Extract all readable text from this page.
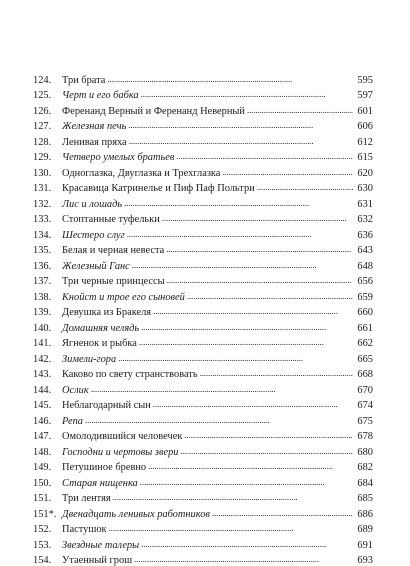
124. Три брата . . .	595
125. Черт и его бабка . . .	597
126. Ференанд Верный и Ференанд Неверный . . .	601
127. Железная печь . . .	606
128. Ленивая пряха . . .	612
129. Четверо умелых братьев . . .	615
130. Одноглазка, Двуглазка и Трехглазка . . .	620
131. Красавица Катринелье и Пиф Паф Польтри . . .	630
132. Лис и лошадь . . .	631
133. Стоптанные туфельки . . .	632
134. Шестеро слуг . . .	636
135. Белая и черная невеста . . .	643
136. Железный Ганс . . .	648
137. Три черные принцессы . . .	656
138. Кнойст и трое его сыновей . . .	659
139. Девушка из Бракеля . . .	660
140. Домашняя челядь . . .	661
141. Ягненок и рыбка . . .	662
142. Зимели-гора . . .	665
143. Каково по свету странствовать . . .	668
144. Ослик . . .	670
145. Неблагодарный сын . . .	674
146. Репа . . .	675
147. Омолодившийся человечек . . .	678
148. Господни и чертовы звери . . .	680
149. Петушиное бревно . . .	682
150. Старая нищенка . . .	684
151. Три лентяя . . .	685
151*. Двенадцать ленивых работников . . .	686
152. Пастушок . . .	689
153. Звездные талеры . . .	691
154. Утаенный грош . . .	693
